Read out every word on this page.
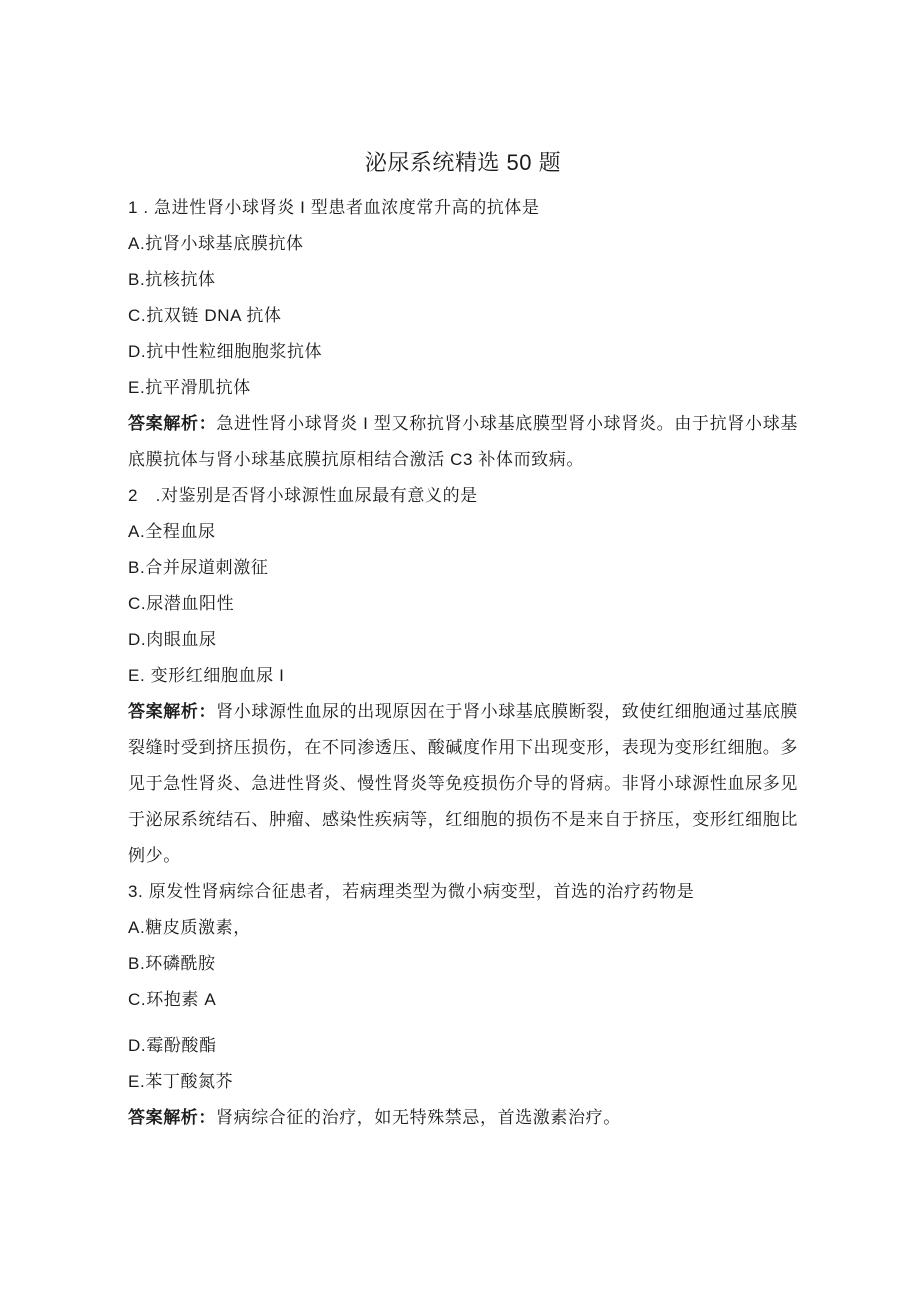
泌尿系统精选 50 题

1 . 急进性肾小球肾炎 I 型患者血浓度常升高的抗体是

A.抗肾小球基底膜抗体

B.抗核抗体

C.抗双链 DNA 抗体

D.抗中性粒细胞胞浆抗体

E.抗平滑肌抗体

答案解析：急进性肾小球肾炎 I 型又称抗肾小球基底膜型肾小球肾炎。由于抗肾小球基底膜抗体与肾小球基底膜抗原相结合激活 C3 补体而致病。

2　.对鉴别是否肾小球源性血尿最有意义的是

A.全程血尿

B.合并尿道刺激征

C.尿潜血阳性

D.肉眼血尿

E. 变形红细胞血尿 I

答案解析：肾小球源性血尿的出现原因在于肾小球基底膜断裂，致使红细胞通过基底膜裂缝时受到挤压损伤，在不同渗透压、酸碱度作用下出现变形，表现为变形红细胞。多见于急性肾炎、急进性肾炎、慢性肾炎等免疫损伤介导的肾病。非肾小球源性血尿多见于泌尿系统结石、肿瘤、感染性疾病等，红细胞的损伤不是来自于挤压，变形红细胞比例少。

3. 原发性肾病综合征患者，若病理类型为微小病变型，首选的治疗药物是

A.糖皮质激素，

B.环磷酰胺

C.环抱素 A

D.霉酚酸酯

E.苯丁酸氮芥

答案解析：肾病综合征的治疗，如无特殊禁忌，首选激素治疗。
